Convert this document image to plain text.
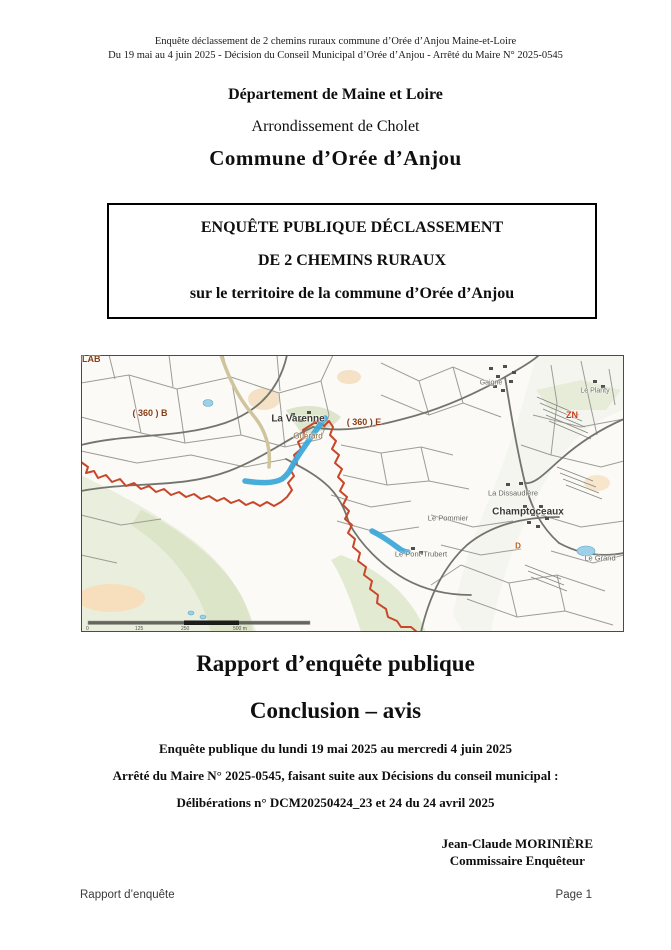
Enquête déclassement de 2 chemins ruraux commune d’Orée d’Anjou Maine-et-Loire
Du 19 mai au 4 juin 2025 - Décision du Conseil Municipal d’Orée d’Anjou - Arrêté du Maire N° 2025-0545
Département de Maine et Loire
Arrondissement de Cholet
Commune d’Orée d’Anjou
ENQUÊTE PUBLIQUE DÉCLASSEMENT
DE 2 CHEMINS RURAUX
sur le territoire de la commune d’Orée d’Anjou
0	125	250	500 m
LAB
( 360 ) B
La Varenne ( 360 ) E
Guérard
Gaigné
Le Planty
ZN
La Dissaudière
Champtoceaux
Le Pommier
Le Pont-Trubert
D
Le Grand
Rapport d’enquête publique
Conclusion – avis
Enquête publique du lundi 19 mai 2025 au mercredi 4 juin 2025
Arrêté du Maire N° 2025-0545, faisant suite aux Décisions du conseil municipal :
Délibérations n° DCM20250424_23 et 24 du 24 avril 2025
Jean-Claude MORINIÈRE
Commissaire Enquêteur
Rapport d’enquête	Page 1
